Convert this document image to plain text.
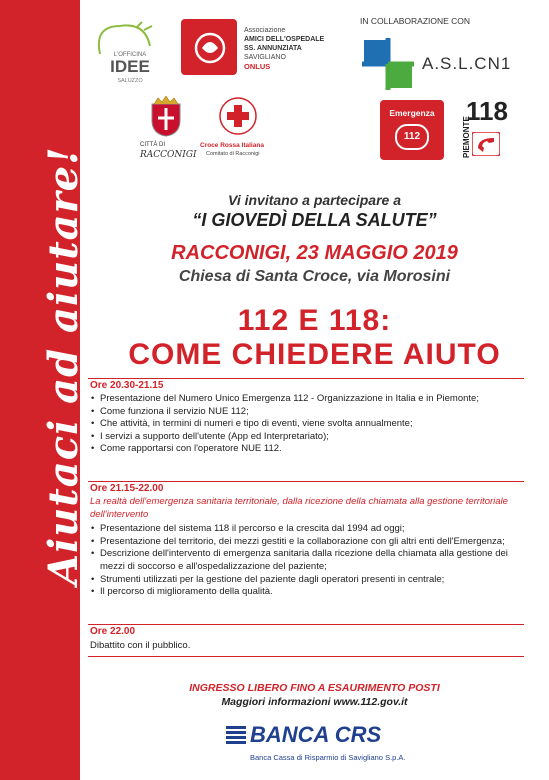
Aiutaci ad aiutare!
L'OFFICINA
IDEE
SALUZZO
Associazione
AMICI DELL'OSPEDALE
SS. ANNUNZIATA
SAVIGLIANO
ONLUS
IN COLLABORAZIONE CON
A.S.L.CN1
CITTÀ DI
RACCONIGI
Croce Rossa Italiana
Comitato di Racconigi
Emergenza
112	PIEMONTE
118
Vi invitano a partecipare a
“I GIOVEDÌ DELLA SALUTE”
RACCONIGI, 23 MAGGIO 2019
Chiesa di Santa Croce, via Morosini
112 E 118:
COME CHIEDERE AIUTO
Ore 20.30-21.15
• Presentazione del Numero Unico Emergenza 112 - Organizzazione in Italia e in Piemonte;
• Come funziona il servizio NUE 112;
• Che attività, in termini di numeri e tipo di eventi, viene svolta annualmente;
• I servizi a supporto dell'utente (App ed Interpretariato);
• Come rapportarsi con l'operatore NUE 112.
Ore 21.15-22.00
La realtà dell'emergenza sanitaria territoriale, dalla ricezione della chiamata alla gestione territoriale dell'intervento
• Presentazione del sistema 118 il percorso e la crescita dal 1994 ad oggi;
• Presentazione del territorio, dei mezzi gestiti e la collaborazione con gli altri enti dell'Emergenza;
• Descrizione dell'intervento di emergenza sanitaria dalla ricezione della chiamata alla gestione dei mezzi di soccorso e all'ospedalizzazione del paziente;
• Strumenti utilizzati per la gestione del paziente dagli operatori presenti in centrale;
• Il percorso di miglioramento della qualità.
Ore 22.00
Dibattito con il pubblico.
INGRESSO LIBERO FINO A ESAURIMENTO POSTI
Maggiori informazioni www.112.gov.it
BANCA CRS
Banca Cassa di Risparmio di Savigliano S.p.A.
